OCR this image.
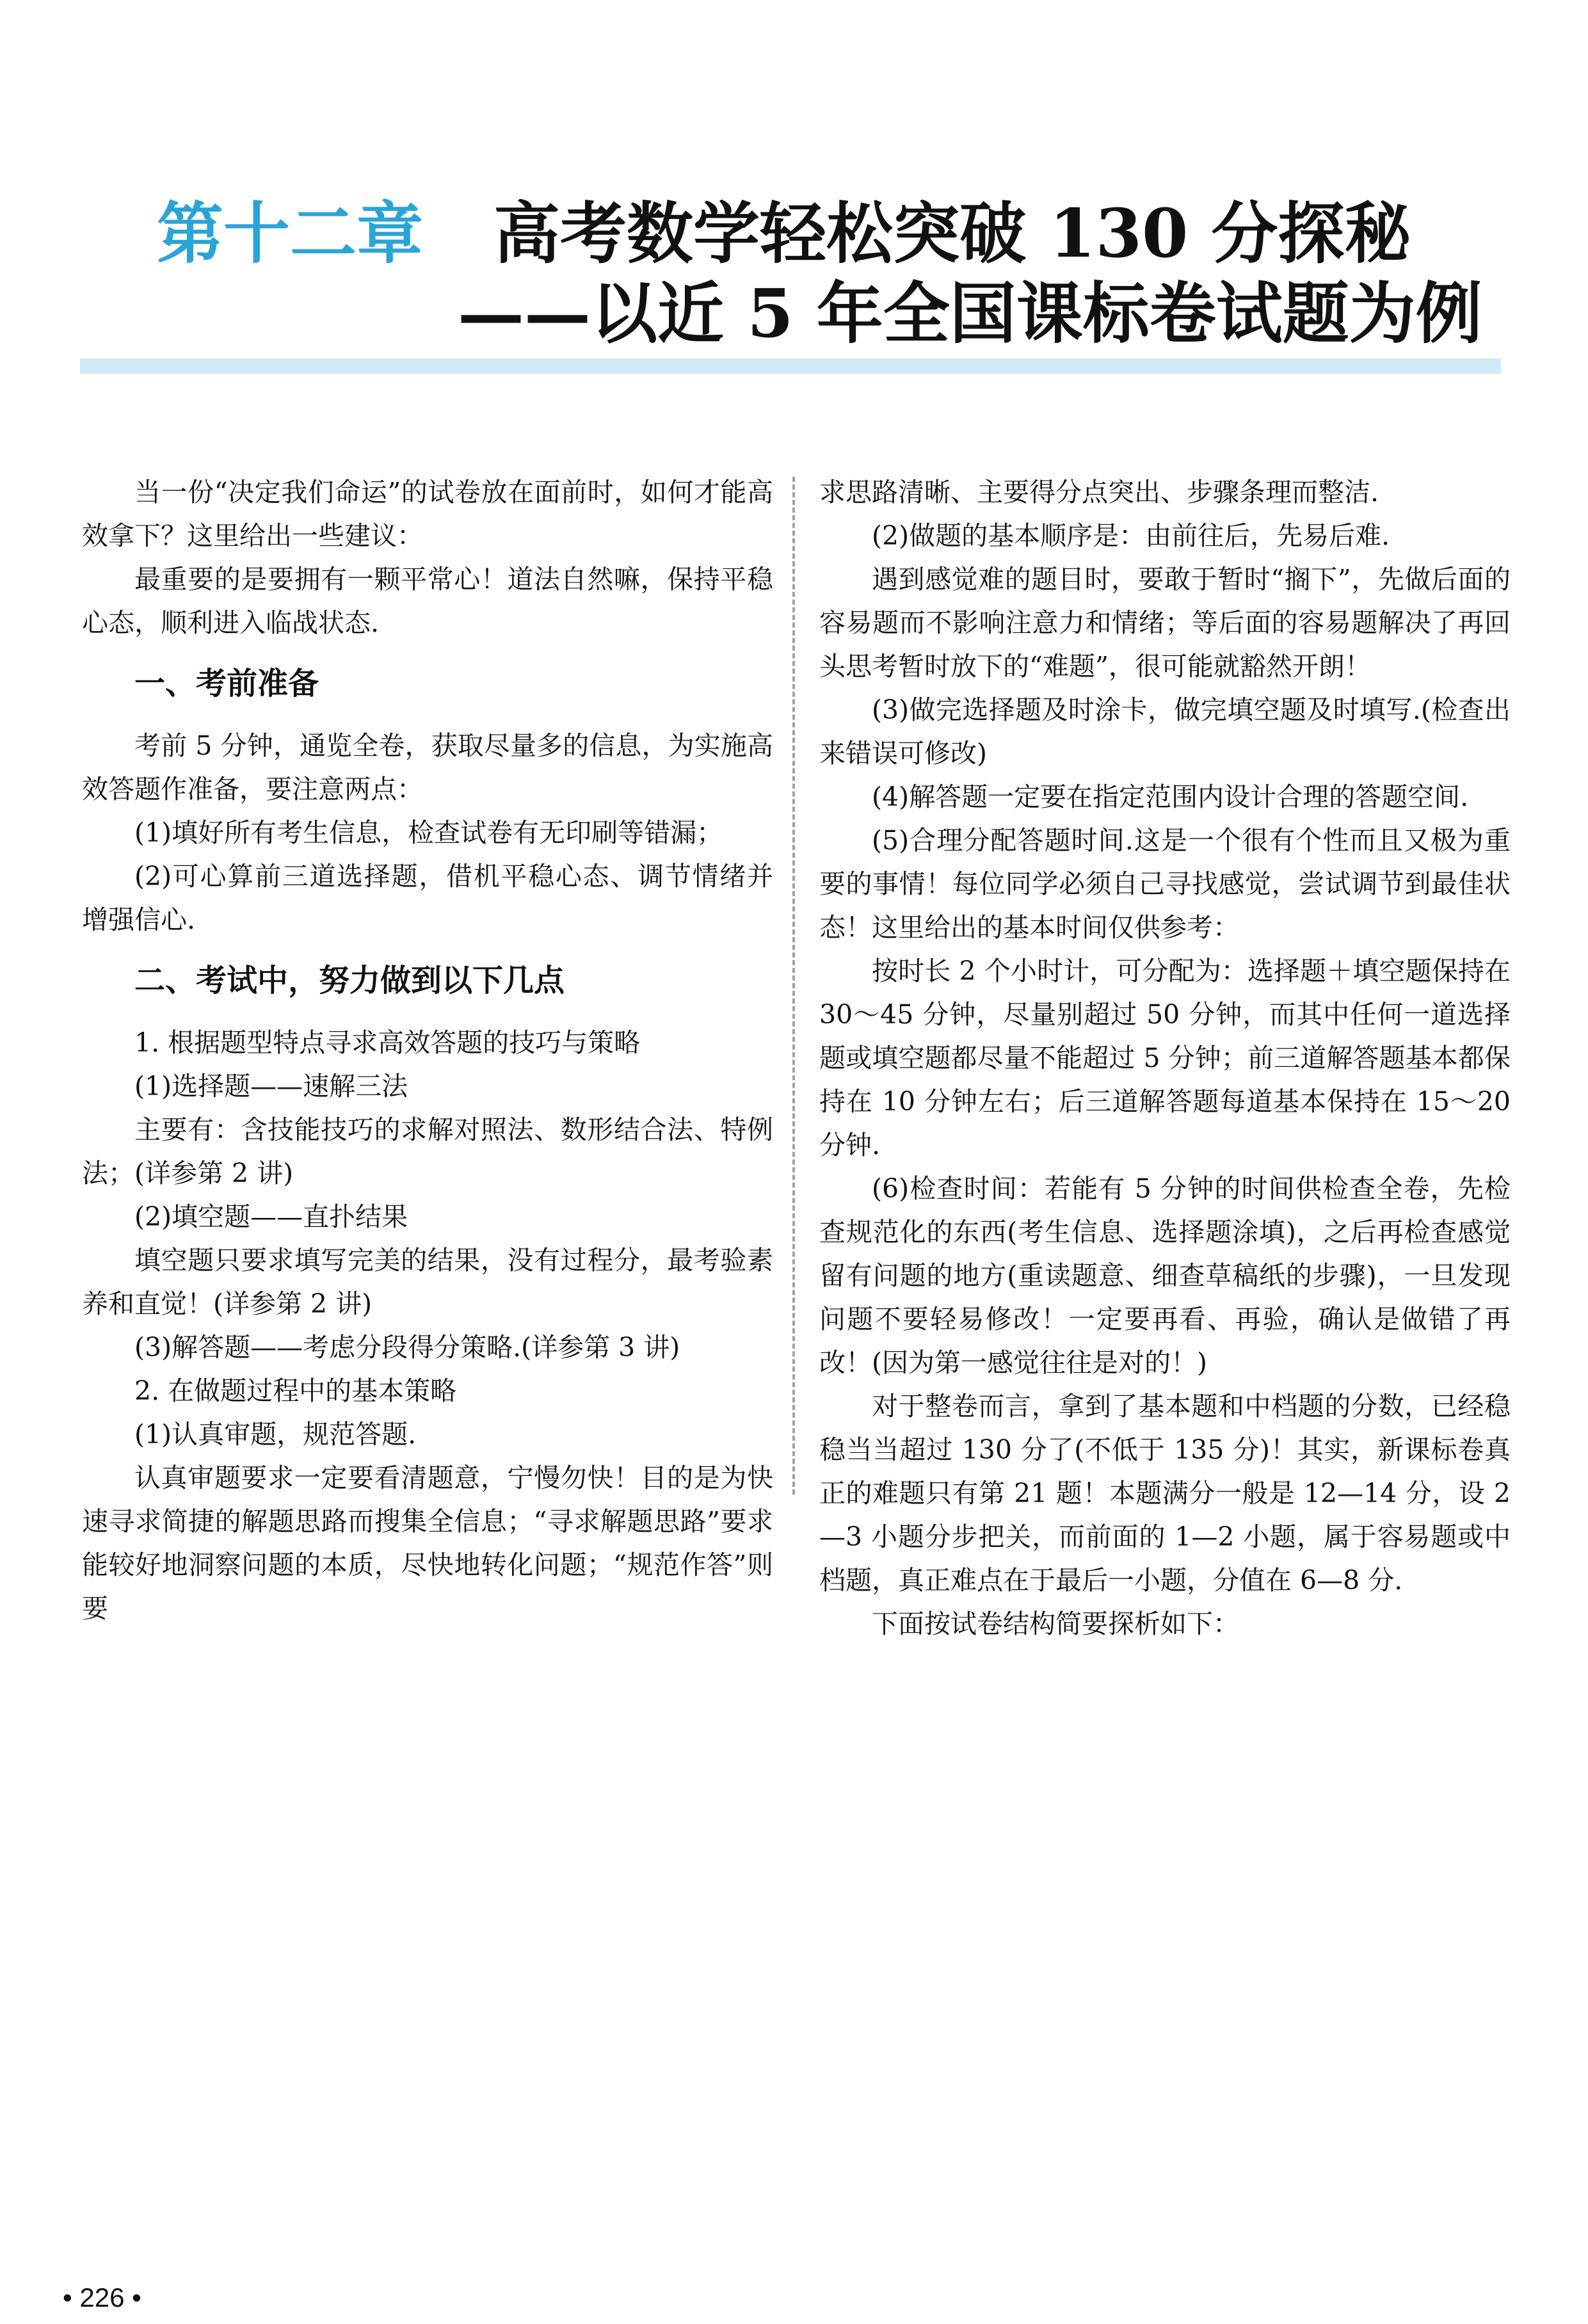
第十二章 高考数学轻松突破 130 分探秘
——以近 5 年全国课标卷试题为例

当一份“决定我们命运”的试卷放在面前时，如何才能高效拿下？这里给出一些建议：

最重要的是要拥有一颗平常心！道法自然嘛，保持平稳心态，顺利进入临战状态.

一、考前准备

考前 5 分钟，通览全卷，获取尽量多的信息，为实施高效答题作准备，要注意两点：

(1)填好所有考生信息，检查试卷有无印刷等错漏；

(2)可心算前三道选择题，借机平稳心态、调节情绪并增强信心.

二、考试中，努力做到以下几点

1. 根据题型特点寻求高效答题的技巧与策略

(1)选择题——速解三法

主要有：含技能技巧的求解对照法、数形结合法、特例法；(详参第 2 讲)

(2)填空题——直扑结果

填空题只要求填写完美的结果，没有过程分，最考验素养和直觉！(详参第 2 讲)

(3)解答题——考虑分段得分策略.(详参第 3 讲)

2. 在做题过程中的基本策略

(1)认真审题，规范答题.

认真审题要求一定要看清题意，宁慢勿快！目的是为快速寻求简捷的解题思路而搜集全信息；“寻求解题思路”要求能较好地洞察问题的本质，尽快地转化问题；“规范作答”则要

求思路清晰、主要得分点突出、步骤条理而整洁.

(2)做题的基本顺序是：由前往后，先易后难.

遇到感觉难的题目时，要敢于暂时“搁下”，先做后面的容易题而不影响注意力和情绪；等后面的容易题解决了再回头思考暂时放下的“难题”，很可能就豁然开朗！

(3)做完选择题及时涂卡，做完填空题及时填写.(检查出来错误可修改)

(4)解答题一定要在指定范围内设计合理的答题空间.

(5)合理分配答题时间.这是一个很有个性而且又极为重要的事情！每位同学必须自己寻找感觉，尝试调节到最佳状态！这里给出的基本时间仅供参考：

按时长 2 个小时计，可分配为：选择题＋填空题保持在 30～45 分钟，尽量别超过 50 分钟，而其中任何一道选择题或填空题都尽量不能超过 5 分钟；前三道解答题基本都保持在 10 分钟左右；后三道解答题每道基本保持在 15～20 分钟.

(6)检查时间：若能有 5 分钟的时间供检查全卷，先检查规范化的东西(考生信息、选择题涂填)，之后再检查感觉留有问题的地方(重读题意、细查草稿纸的步骤)，一旦发现问题不要轻易修改！一定要再看、再验，确认是做错了再改！(因为第一感觉往往是对的！)

对于整卷而言，拿到了基本题和中档题的分数，已经稳稳当当超过 130 分了(不低于 135 分)！其实，新课标卷真正的难题只有第 21 题！本题满分一般是 12—14 分，设 2—3 小题分步把关，而前面的 1—2 小题，属于容易题或中档题，真正难点在于最后一小题，分值在 6—8 分.

下面按试卷结构简要探析如下：

• 226 •
